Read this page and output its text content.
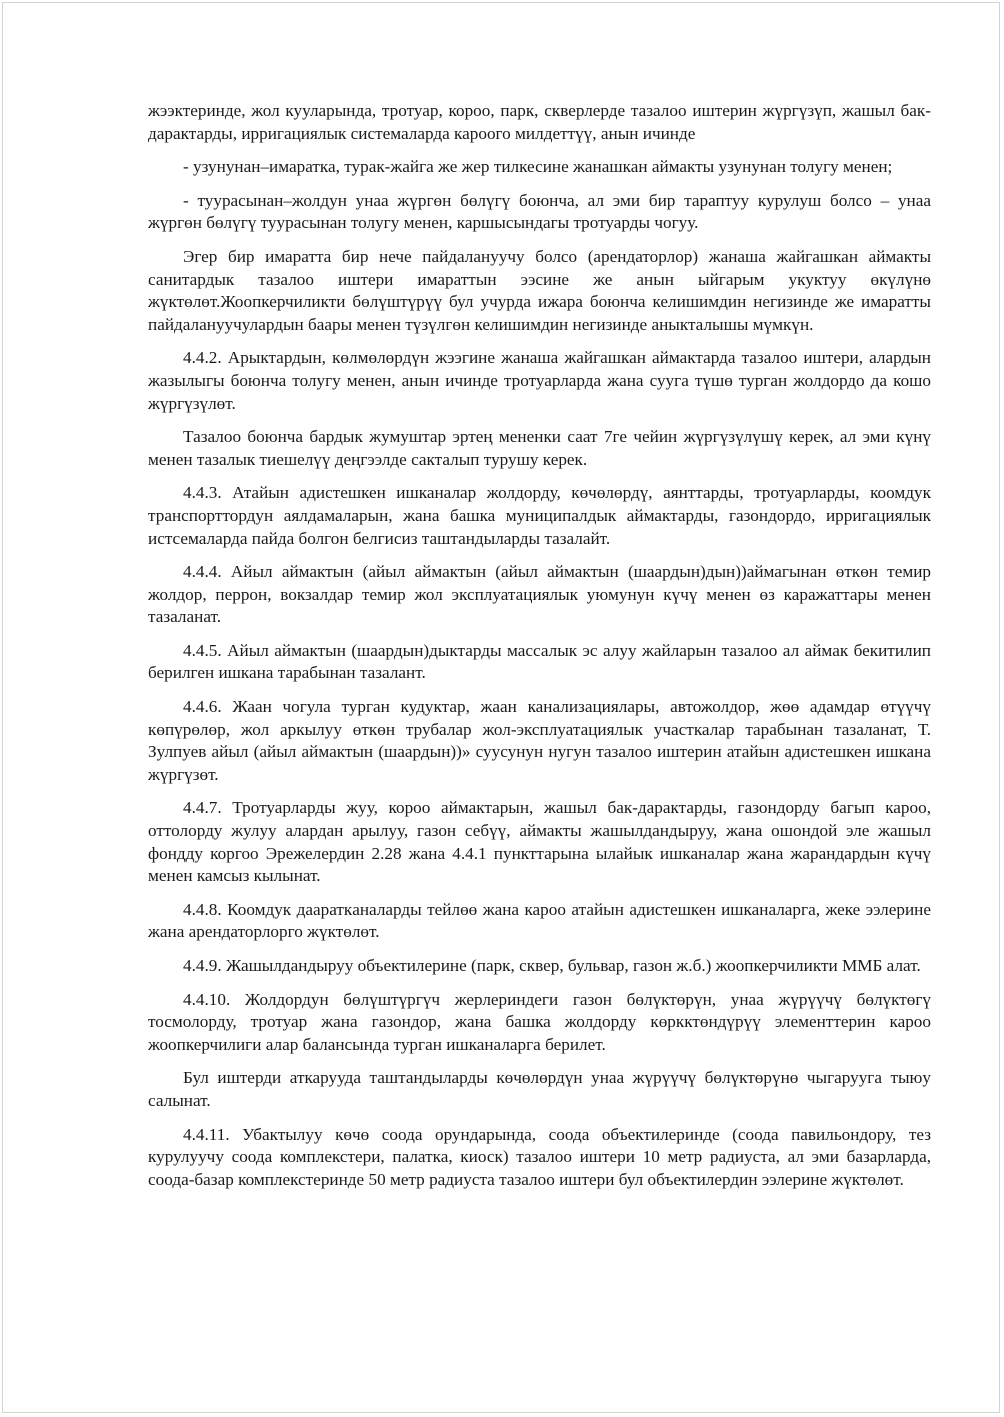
жээктеринде, жол кууларында, тротуар, короо, парк, скверлерде тазалоо иштерин жүргүзүп, жашыл бак-дарактарды, ирригациялык системаларда кароого милдеттүү, анын ичинде

- узунунан–имаратка, турак-жайга же жер тилкесине жанашкан аймакты узунунан толугу менен;

- туурасынан–жолдун унаа жүргөн бөлүгү боюнча, ал эми бир тараптуу курулуш болсо – унаа жүргөн бөлүгү туурасынан толугу менен, каршысындагы тротуарды чогуу.

Эгер бир имаратта бир нече пайдалануучу болсо (арендаторлор) жанаша жайгашкан аймакты санитардык тазалоо иштери имараттын ээсине же анын ыйгарым укуктуу өкүлүнө жүктөлөт.Жоопкерчиликти бөлүштүрүү бул учурда ижара боюнча келишимдин негизинде же имаратты пайдалануучулардын баары менен түзүлгөн келишимдин негизинде аныкталышы мүмкүн.

4.4.2. Арыктардын, көлмөлөрдүн жээгине жанаша жайгашкан аймактарда тазалоо иштери, алардын жазылыгы боюнча толугу менен, анын ичинде тротуарларда жана суугa түшө турган жолдордо да кошо жүргүзүлөт.

Тазалоо боюнча бардык жумуштар эртең мененки саат 7ге чейин жүргүзүлүшү керек, ал эми күнү менен тазалык тиешелүү деңгээлде сакталып турушу керек.

4.4.3. Атайын адистешкен ишканалар жолдорду, көчөлөрдү, аянттарды, тротуарларды, коомдук транспорттордун аялдамаларын, жана башка муниципалдык аймактарды, газондордо, ирригациялык истсемаларда пайда болгон белгисиз таштандыларды тазалайт.

4.4.4. Айыл аймактын (айыл аймактын (айыл аймактын (шаардын)дын))аймагынан өткөн темир жолдор, перрон, вокзалдар темир жол эксплуатациялык уюмунун күчү менен өз каражаттары менен тазаланат.

4.4.5. Айыл аймактын (шаардын)дыктарды массалык эс алуу жайларын тазалоо ал аймак бекитилип берилген ишкана тарабынан тазалант.

4.4.6. Жаан чогула турган кудуктар, жаан канализациялары, автожолдор, жөө адамдар өтүүчү көпүрөлөр, жол аркылуу өткөн трубалар жол-эксплуатациялык участкалар тарабынан тазаланат, Т. Зулпуев айыл (айыл аймактын (шаардын))» суусунун нугун тазалоо иштерин атайын адистешкен ишкана жүргүзөт.

4.4.7. Тротуарларды жуу, короо аймактарын, жашыл бак-дарактарды, газондорду багып кароо, оттолорду жулуу алардан арылуу, газон себүү, аймакты жашылдандыруу, жана ошондой эле жашыл фондду коргоо Эрежелердин 2.28 жана 4.4.1 пункттарына ылайык ишканалар жана жарандардын күчү менен камсыз кылынат.

4.4.8. Коомдук даараткaналарды тейлөө жана кароо атайын адистешкен ишканаларга, жеке ээлерине жана арендаторлорго жүктөлөт.

4.4.9. Жашылдандыруу объектилерине (парк, сквер, бульвар, газон ж.б.) жоопкерчиликти ММБ алат.

4.4.10. Жолдордун бөлүштүргүч жерлериндеги газон бөлүктөрүн, унаа жүрүүчү бөлүктөгү тосмолорду, тротуар жана газондор, жана башка жолдорду көркктөндүрүү элементтерин кароо жоопкерчилиги алар балансында турган ишканаларга берилет.

Бул иштерди аткарууда таштандыларды көчөлөрдүн унаа жүрүүчү бөлүктөрүнө чыгарууга тыюу салынат.

4.4.11. Убактылуу көчө соода орундарында, соода объектилеринде (соода павильондору, тез курулуучу соода комплекстери, палатка, киоск) тазалоо иштери 10 метр радиуста, ал эми базарларда, соода-базар комплекстеринде 50 метр радиуста тазалоо иштери бул объектилердин ээлерине жүктөлөт.
